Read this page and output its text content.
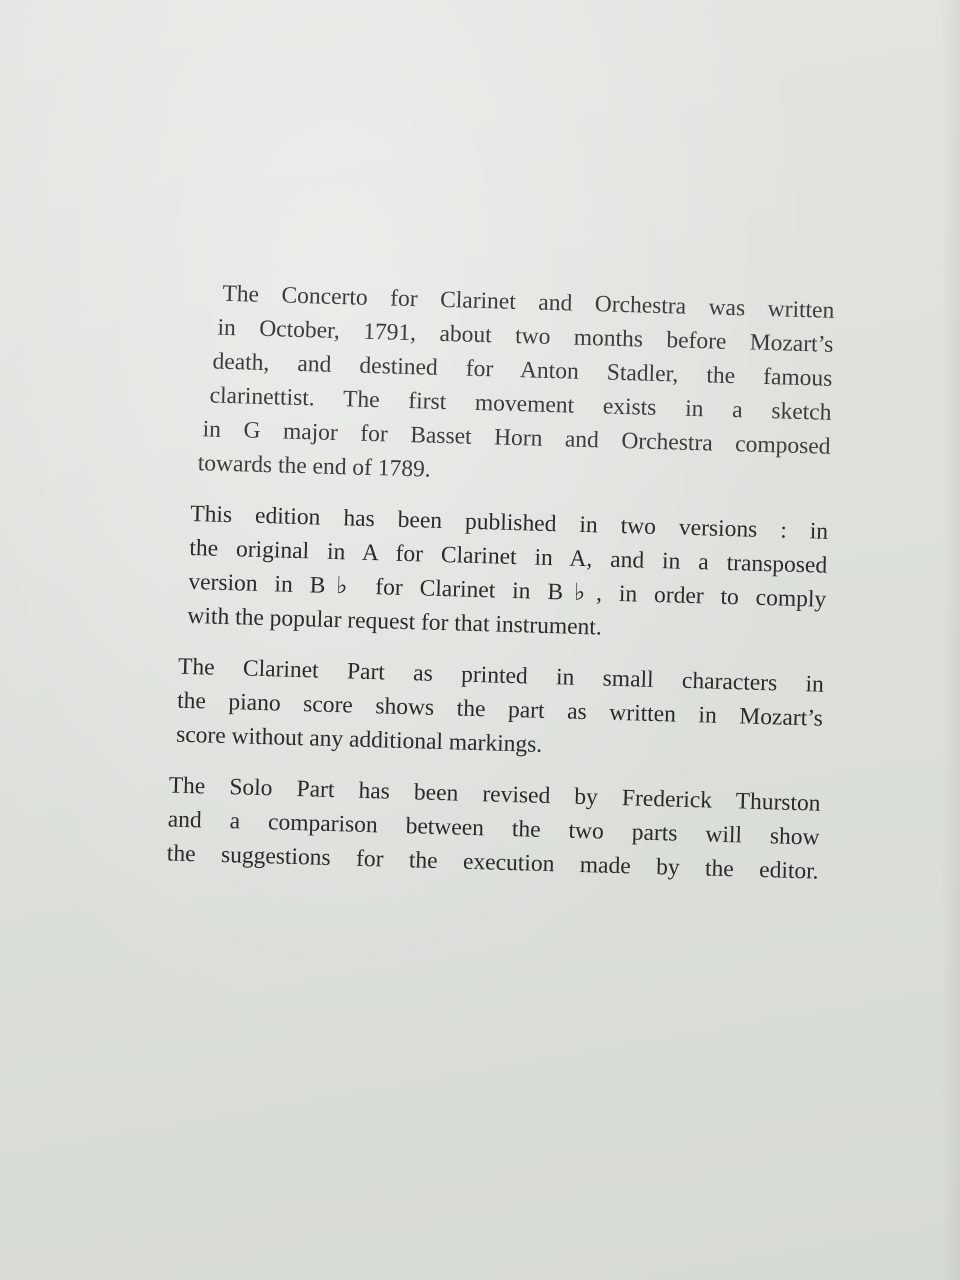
The Concerto for Clarinet and Orchestra was written
in October, 1791, about two months before Mozart’s
death, and destined for Anton Stadler, the famous
clarinettist. The first movement exists in a sketch
in G major for Basset Horn and Orchestra composed
towards the end of 1789.

This edition has been published in two versions : in
the original in A for Clarinet in A, and in a transposed
version in B♭ for Clarinet in B♭, in order to comply
with the popular request for that instrument.

The Clarinet Part as printed in small characters in
the piano score shows the part as written in Mozart’s
score without any additional markings.

The Solo Part has been revised by Frederick Thurston
and a comparison between the two parts will show
the suggestions for the execution made by the editor.
